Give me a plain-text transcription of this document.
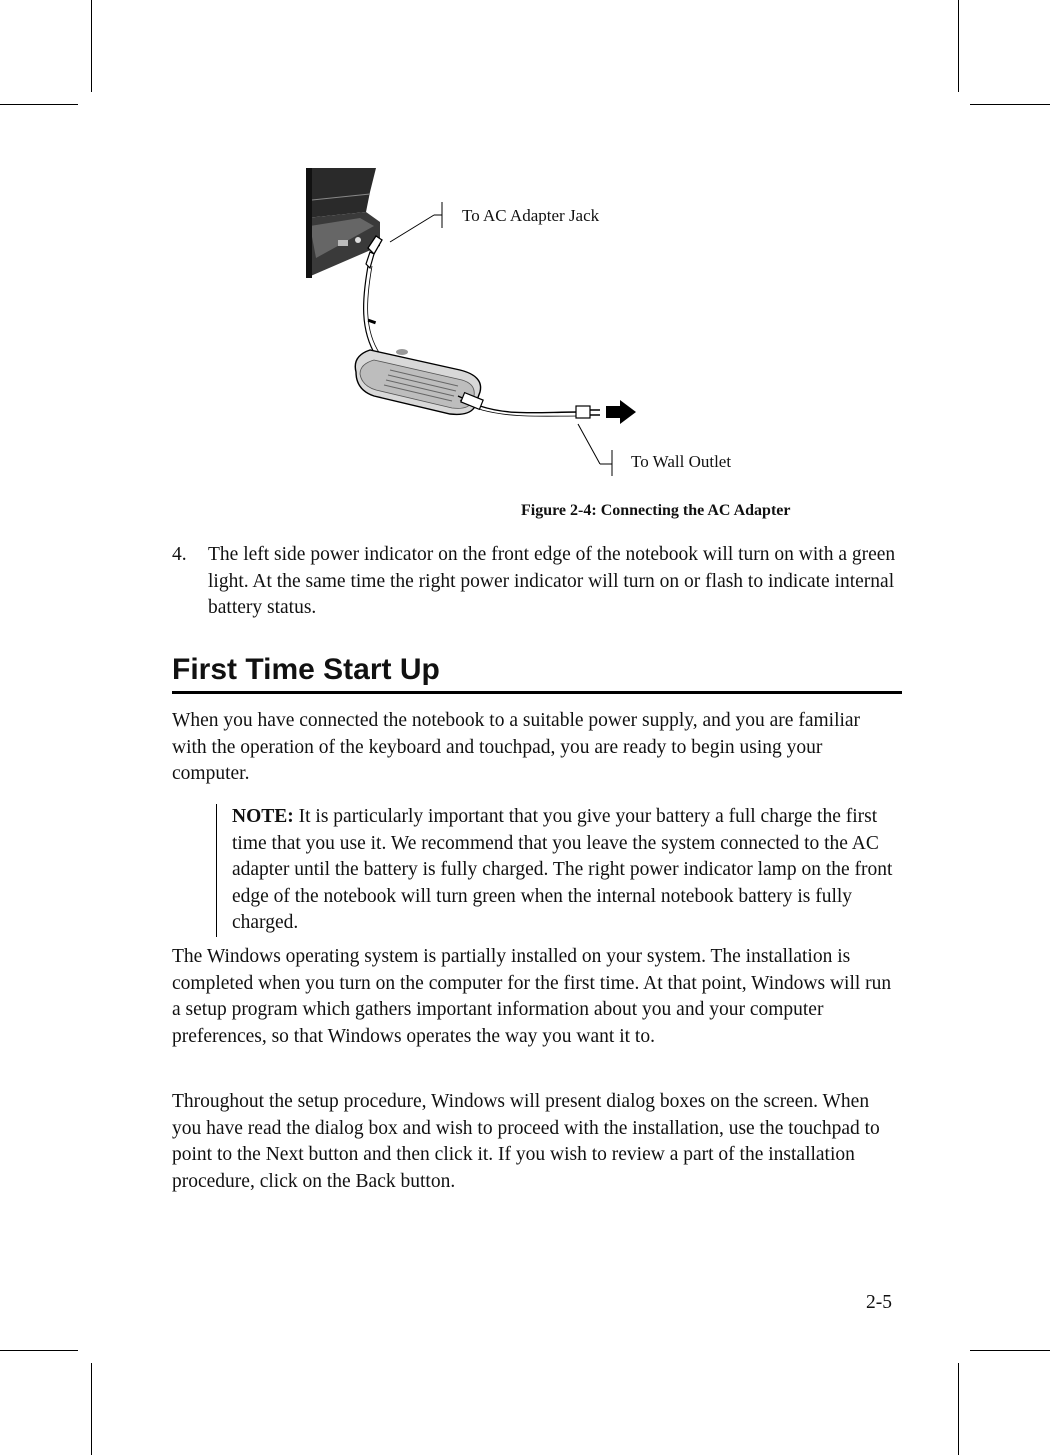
To AC Adapter Jack
To Wall Outlet
Figure 2-4: Connecting the AC Adapter
4. The left side power indicator on the front edge of the notebook will turn on with a green light. At the same time the right power indicator will turn on or flash to indicate internal battery status.
First Time Start Up

When you have connected the notebook to a suitable power supply, and you are familiar with the operation of the keyboard and touchpad, you are ready to begin using your computer.

NOTE: It is particularly important that you give your battery a full charge the first time that you use it. We recommend that you leave the system connected to the AC adapter until the battery is fully charged. The right power indicator lamp on the front edge of the notebook will turn green when the internal notebook battery is fully charged.

The Windows operating system is partially installed on your system. The installation is completed when you turn on the computer for the first time. At that point, Windows will run a setup program which gathers important information about you and your computer preferences, so that Windows operates the way you want it to.

Throughout the setup procedure, Windows will present dialog boxes on the screen. When you have read the dialog box and wish to proceed with the installation, use the touchpad to point to the Next button and then click it. If you wish to review a part of the installation procedure, click on the Back button.

2-5
